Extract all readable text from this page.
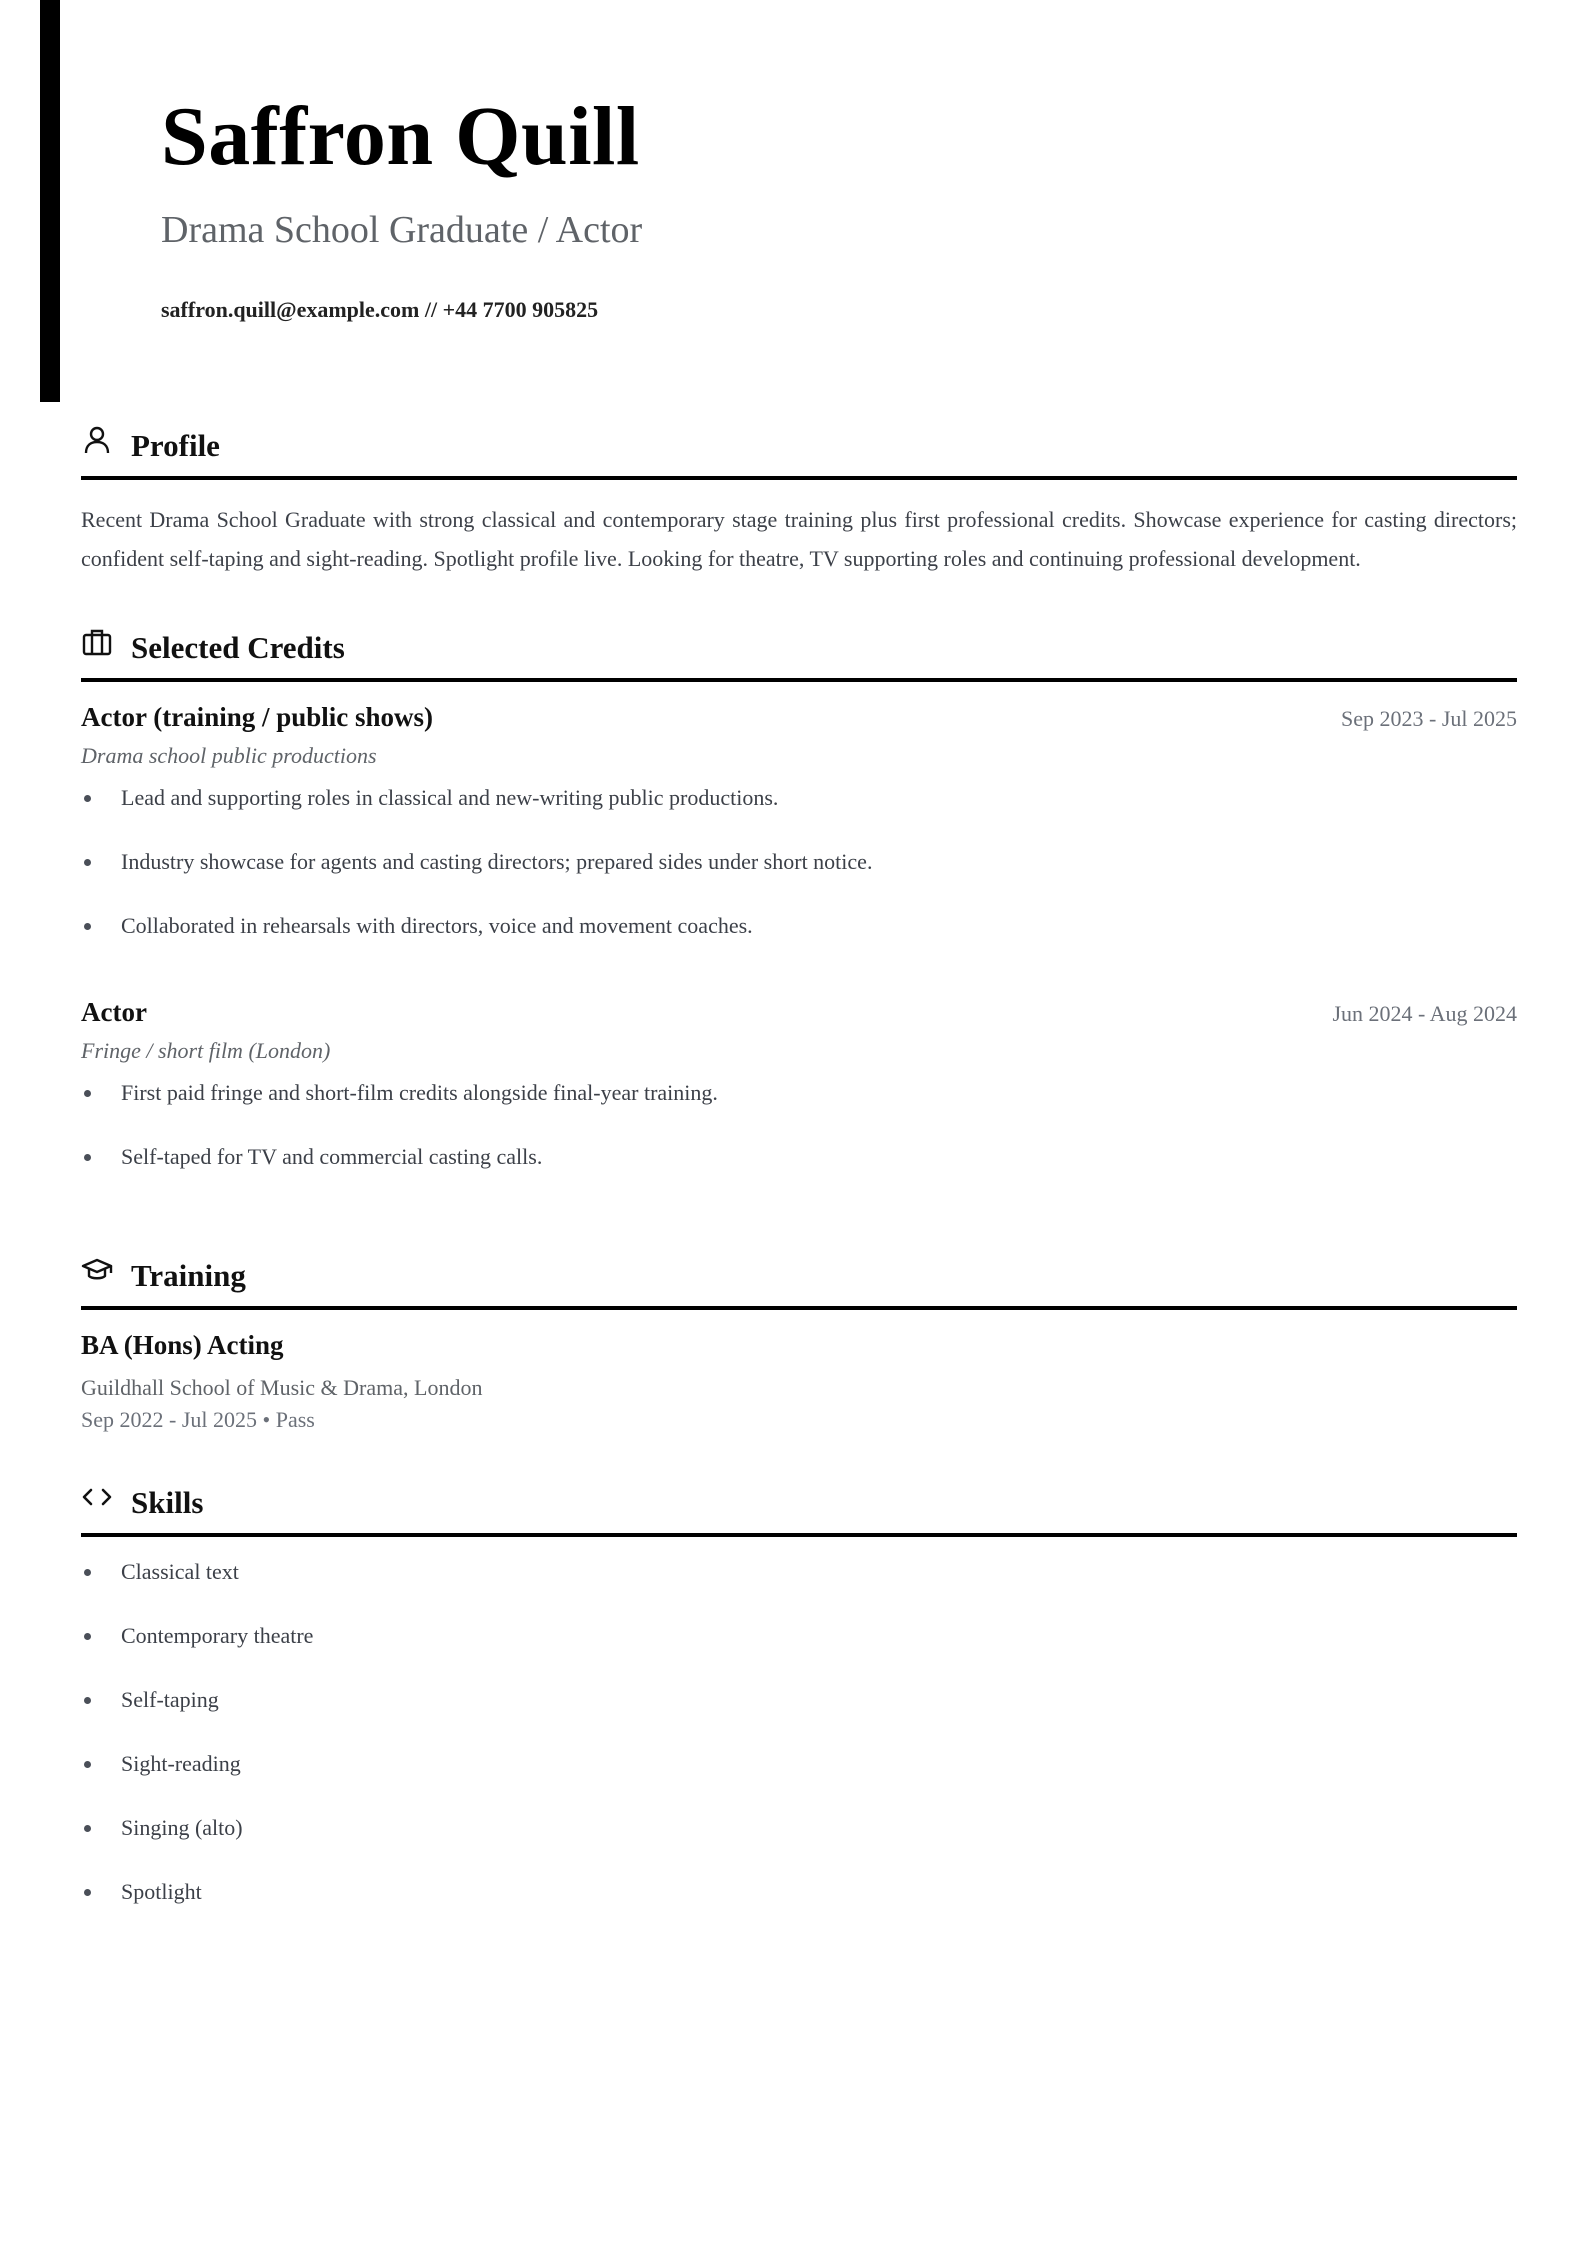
Saffron Quill
Drama School Graduate / Actor
saffron.quill@example.com // +44 7700 905825
Profile

Recent Drama School Graduate with strong classical and contemporary stage training plus first professional credits. Showcase experience for casting directors; confident self-taping and sight-reading. Spotlight profile live. Looking for theatre, TV supporting roles and continuing professional development.

Selected Credits
Actor (training / public shows)	Sep 2023 - Jul 2025
Drama school public productions
Lead and supporting roles in classical and new-writing public productions.
Industry showcase for agents and casting directors; prepared sides under short notice.
Collaborated in rehearsals with directors, voice and movement coaches.
Actor	Jun 2024 - Aug 2024
Fringe / short film (London)
First paid fringe and short-film credits alongside final-year training.
Self-taped for TV and commercial casting calls.
Training
BA (Hons) Acting
Guildhall School of Music & Drama, London
Sep 2022 - Jul 2025 • Pass
Skills
Classical text
Contemporary theatre
Self-taping
Sight-reading
Singing (alto)
Spotlight
